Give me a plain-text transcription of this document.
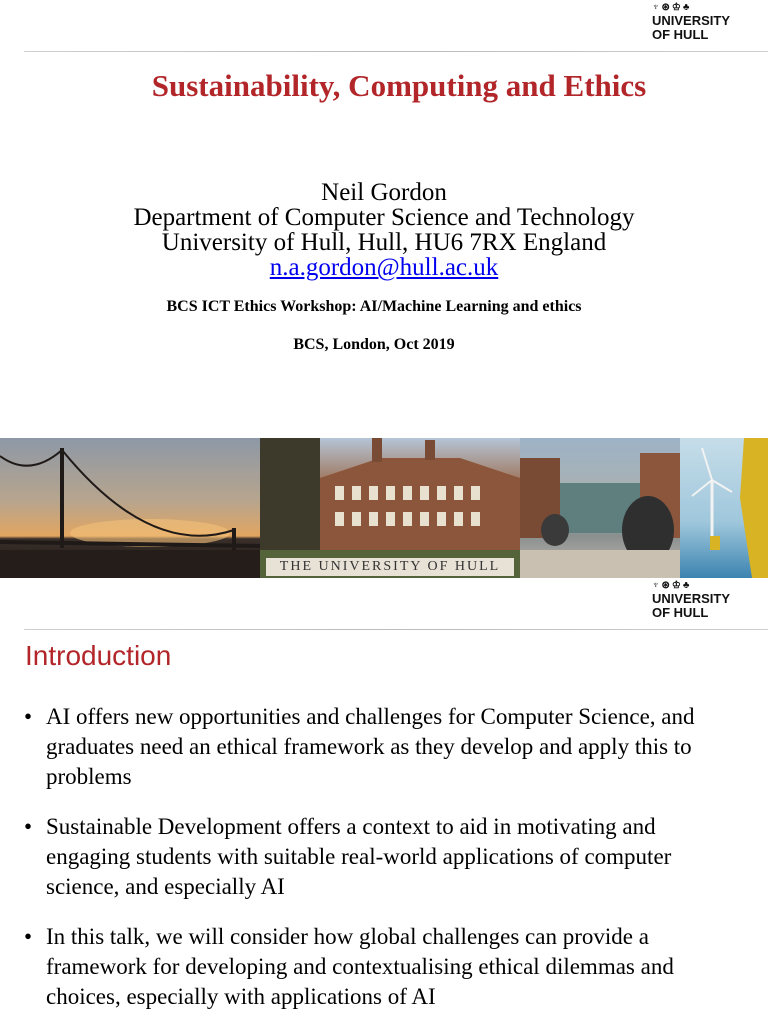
♆⊛♔♣
UNIVERSITY
OF HULL
Sustainability, Computing and Ethics
Neil Gordon
Department of Computer Science and Technology
University of Hull, Hull, HU6 7RX England
n.a.gordon@hull.ac.uk
BCS ICT Ethics Workshop: AI/Machine Learning and ethics
BCS, London, Oct 2019
THE UNIVERSITY OF HULL
♆⊛♔♣
UNIVERSITY
OF HULL
Introduction
• AI offers new opportunities and challenges for Computer Science, and graduates need an ethical framework as they develop and apply this to problems
• Sustainable Development offers a context to aid in motivating and engaging students with suitable real-world applications of computer science, and especially AI
• In this talk, we will consider how global challenges can provide a framework for developing and contextualising ethical dilemmas and choices, especially with applications of AI
